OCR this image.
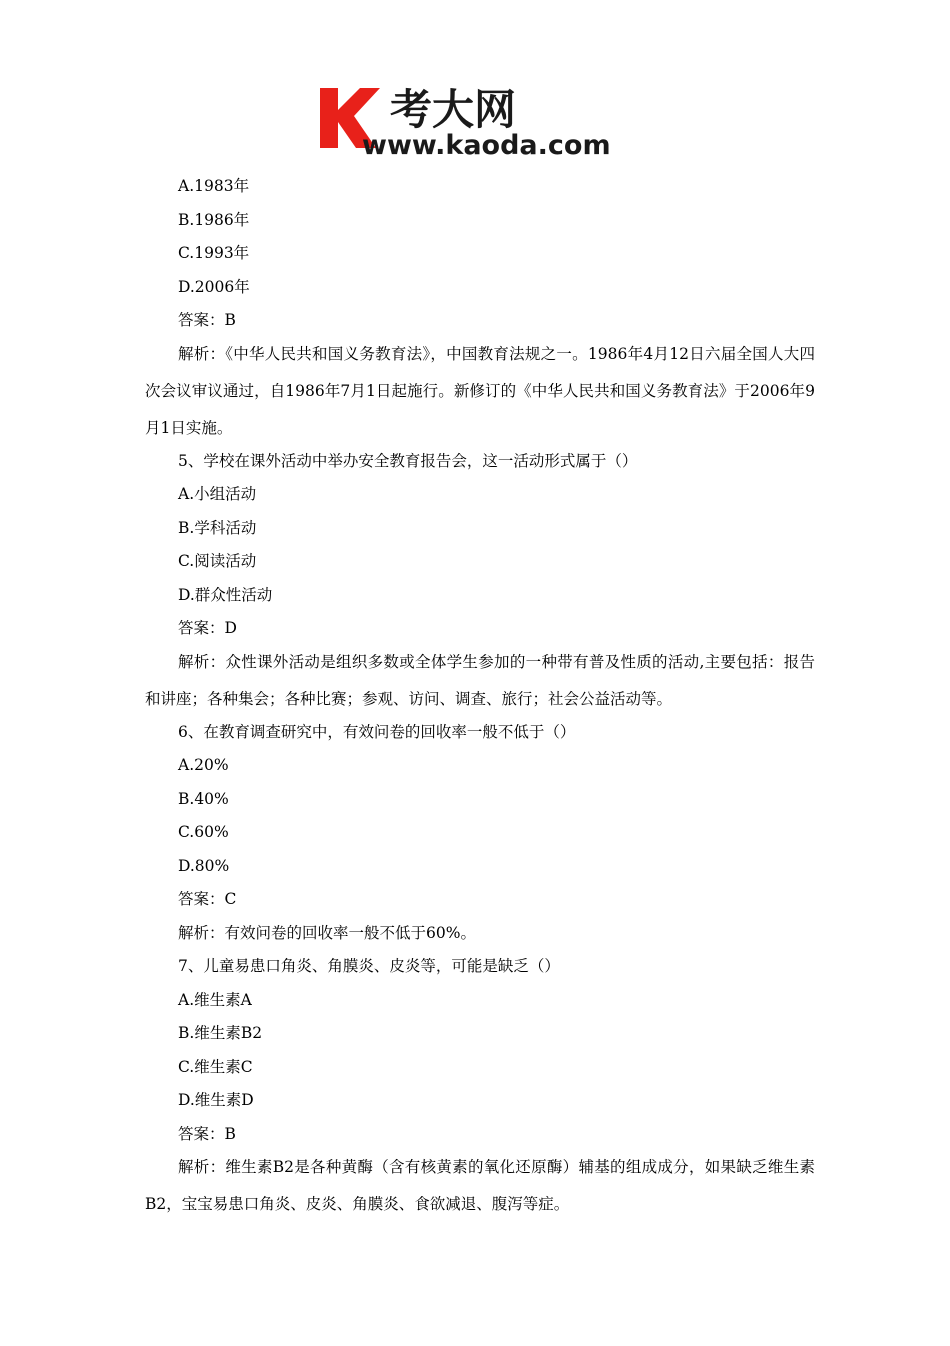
考大网
www.kaoda.com

A.1983年

B.1986年

C.1993年

D.2006年

答案：B

解析：《中华人民共和国义务教育法》，中国教育法规之一。1986年4月12日六届全国人大四次会议审议通过，自1986年7月1日起施行。新修订的《中华人民共和国义务教育法》于2006年9月1日实施。

5、学校在课外活动中举办安全教育报告会，这一活动形式属于（）

A.小组活动

B.学科活动

C.阅读活动

D.群众性活动

答案：D

解析：众性课外活动是组织多数或全体学生参加的一种带有普及性质的活动,主要包括：报告和讲座；各种集会；各种比赛；参观、访问、调查、旅行；社会公益活动等。

6、在教育调查研究中，有效问卷的回收率一般不低于（）

A.20%

B.40%

C.60%

D.80%

答案：C

解析：有效问卷的回收率一般不低于60%。

7、儿童易患口角炎、角膜炎、皮炎等，可能是缺乏（）

A.维生素A

B.维生素B2

C.维生素C

D.维生素D

答案：B

解析：维生素B2是各种黄酶（含有核黄素的氧化还原酶）辅基的组成成分，如果缺乏维生素B2，宝宝易患口角炎、皮炎、角膜炎、食欲减退、腹泻等症。
